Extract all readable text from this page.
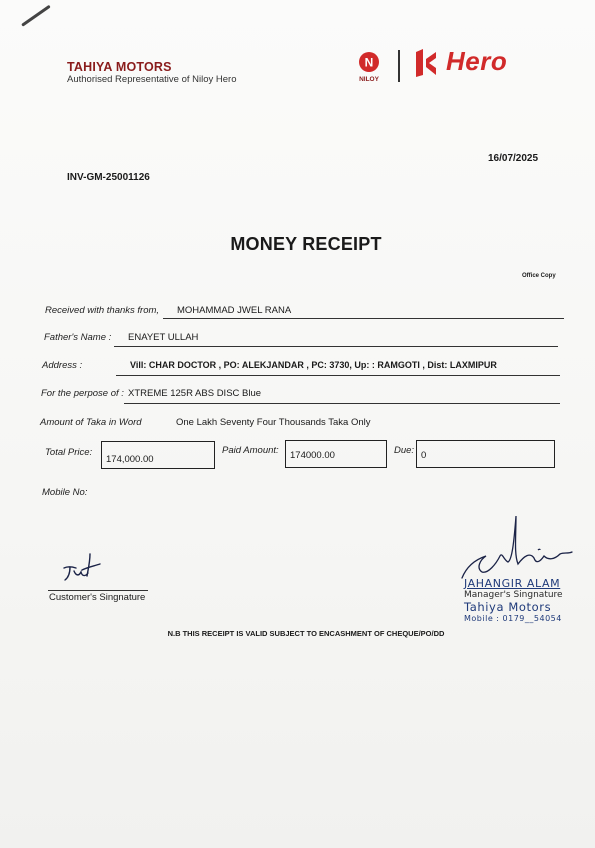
TAHIYA MOTORS
Authorised Representative of Niloy Hero
N
NILOY
Hero
16/07/2025
INV-GM-25001126
MONEY RECEIPT
Office Copy
Received with thanks from, MOHAMMAD JWEL RANA
Father's Name : ENAYET ULLAH
Address :	Vill: CHAR DOCTOR , PO: ALEKJANDAR , PC: 3730, Up: : RAMGOTI , Dist: LAXMIPUR
For the perpose of : XTREME 125R ABS DISC Blue
Amount of Taka in Word	One Lakh Seventy Four Thousands Taka Only
Total Price:
174,000.00
Paid Amount: 174000.00	Due: 0
Mobile No:
Customer's Singnature
JAHANGIR ALAM
Manager's Singnature
Tahiya Motors
Mobile : 0179__54054
N.B THIS RECEIPT IS VALID SUBJECT TO ENCASHMENT OF CHEQUE/PO/DD
